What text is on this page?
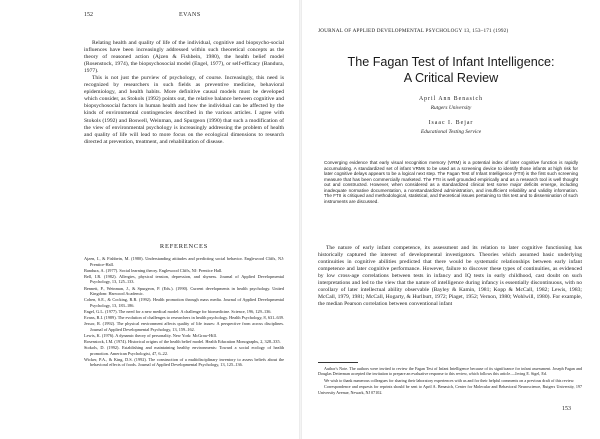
152	EVANS

Relating health and quality of life of the individual, cognitive and biopsycho-social influences have been increasingly addressed within such theoretical concepts as the theory of reasoned action (Ajzen & Fishbein, 1980), the health belief model (Rosenstock, 1974), the biopsychosocial model (Engel, 1977), or self-efficacy (Bandura, 1977).

This is not just the purview of psychology, of course. Increasingly, this need is recognized by researchers in such fields as preventive medicine, behavioral epidemiology, and health habits. More definitive causal models must be developed which consider, as Stokols (1992) points out, the relative balance between cognitive and biopsychosocial factors in human health and how the individual can be affected by the kinds of environmental contingencies described in the various articles. I agree with Stokols (1992) and Boswell, Weinman, and Spurgeon (1990) that such a modification of the view of environmental psychology is increasingly addressing the problem of health and quality of life will lead to more focus on the ecological dimensions to research directed at prevention, treatment, and rehabilitation of disease.

REFERENCES

Ajzen, I., & Fishbein, M. (1980). Understanding attitudes and predicting social behavior. Englewood Cliffs, NJ: Prentice-Hall.

Bandura, A. (1977). Social learning theory. Englewood Cliffs, NJ: Prentice Hall.

Bell, I.R. (1982). Allergies, physical tension, depression, and shyness. Journal of Applied Developmental Psychology, 13, 125–133.

Bennett, P., Weinman, J., & Spurgeon, P. (Eds.). (1990). Current developments in health psychology. United Kingdom: Harwood Academic.

Cohen, S.E., & Cocking, R.R. (1992). Health promotion through mass media. Journal of Applied Developmental Psychology, 13, 183–186.

Engel, G.L. (1977). The need for a new medical model: A challenge for biomedicine. Science, 196, 129–136.

Evans, R.I. (1989). The evolution of challenges to researchers in health psychology. Health Psychology, 8, 631–639.

Jessor, R. (1992). The physical environment affects quality of life issues: A perspective from across disciplines. Journal of Applied Developmental Psychology, 13, 159–162.

Lewis, K. (1976). A dynamic theory of personality. New York: McGraw-Hill.

Rosenstock, I.M. (1974). Historical origins of the health belief model. Health Education Monographs, 2, 328–335.

Stokols, D. (1992). Establishing and maintaining healthy environments: Toward a social ecology of health promotion. American Psychologist, 47, 6–22.

Wicker, P.A., & King, D.S. (1992). The construction of a multidisciplinary inventory to assess beliefs about the behavioral effects of foods. Journal of Applied Developmental Psychology, 13, 125–136.

JOURNAL OF APPLIED DEVELOPMENTAL PSYCHOLOGY 13, 153–171 (1992)
The Fagan Test of Infant Intelligence:
A Critical Review
April Ann Benasich
Rutgers University
Isaac I. Bejar
Educational Testing Service
Converging evidence that early visual recognition memory (VRM) is a potential index of later cognitive function is rapidly accumulating. A standardized set of infant VRMs to be used as a screening device to identify those infants at high risk for later cognitive delays appears to be a logical next step. The Fagan Test of Infant Intelligence (FTII) is the first such screening measure that has been commercially marketed. The FTII is well grounded empirically and as a research tool is well thought out and constructed. However, when considered as a standardized clinical test some major deficits emerge, including inadequate normative documentation, a nonstandardized administration, and insufficient reliability and validity information. The FTII is critiqued and methodological, statistical, and theoretical issues pertaining to this test and to dissemination of such instruments are discussed.

The nature of early infant competence, its assessment and its relation to later cognitive functioning has historically captured the interest of developmental investigators. Theories which assumed basic underlying continuities in cognitive abilities predicted that there would be systematic relationships between early infant competence and later cognitive performance. However, failure to discover these types of continuities, as evidenced by low cross-age correlations between tests in infancy and IQ tests in early childhood, cast doubt on such interpretations and led to the view that the nature of intelligence during infancy is essentially discontinuous, with no corollary of later intellectual ability observable (Bayley & Kamin, 1981; Kopp & McCall, 1982; Lewis, 1983; McCall, 1979, 1981; McCall, Hogarty, & Hurlburt, 1972; Piaget, 1952; Vernon, 1980; Wohlwill, 1980). For example, the median Pearson correlation between conventional infant

Author's Note. The authors were invited to review the Fagan Test of Infant Intelligence because of its significance for infant assessment. Joseph Fagan and Douglas Detterman accepted the invitation to prepare an evaluative response to this review, which follows this article.—Irving E. Sigel, Ed.

We wish to thank numerous colleagues for sharing their laboratory experiences with us and for their helpful comments on a previous draft of this review.

Correspondence and requests for reprints should be sent to April A. Benasich, Center for Molecular and Behavioral Neuroscience, Rutgers University, 197 University Avenue, Newark, NJ 07102.

153
